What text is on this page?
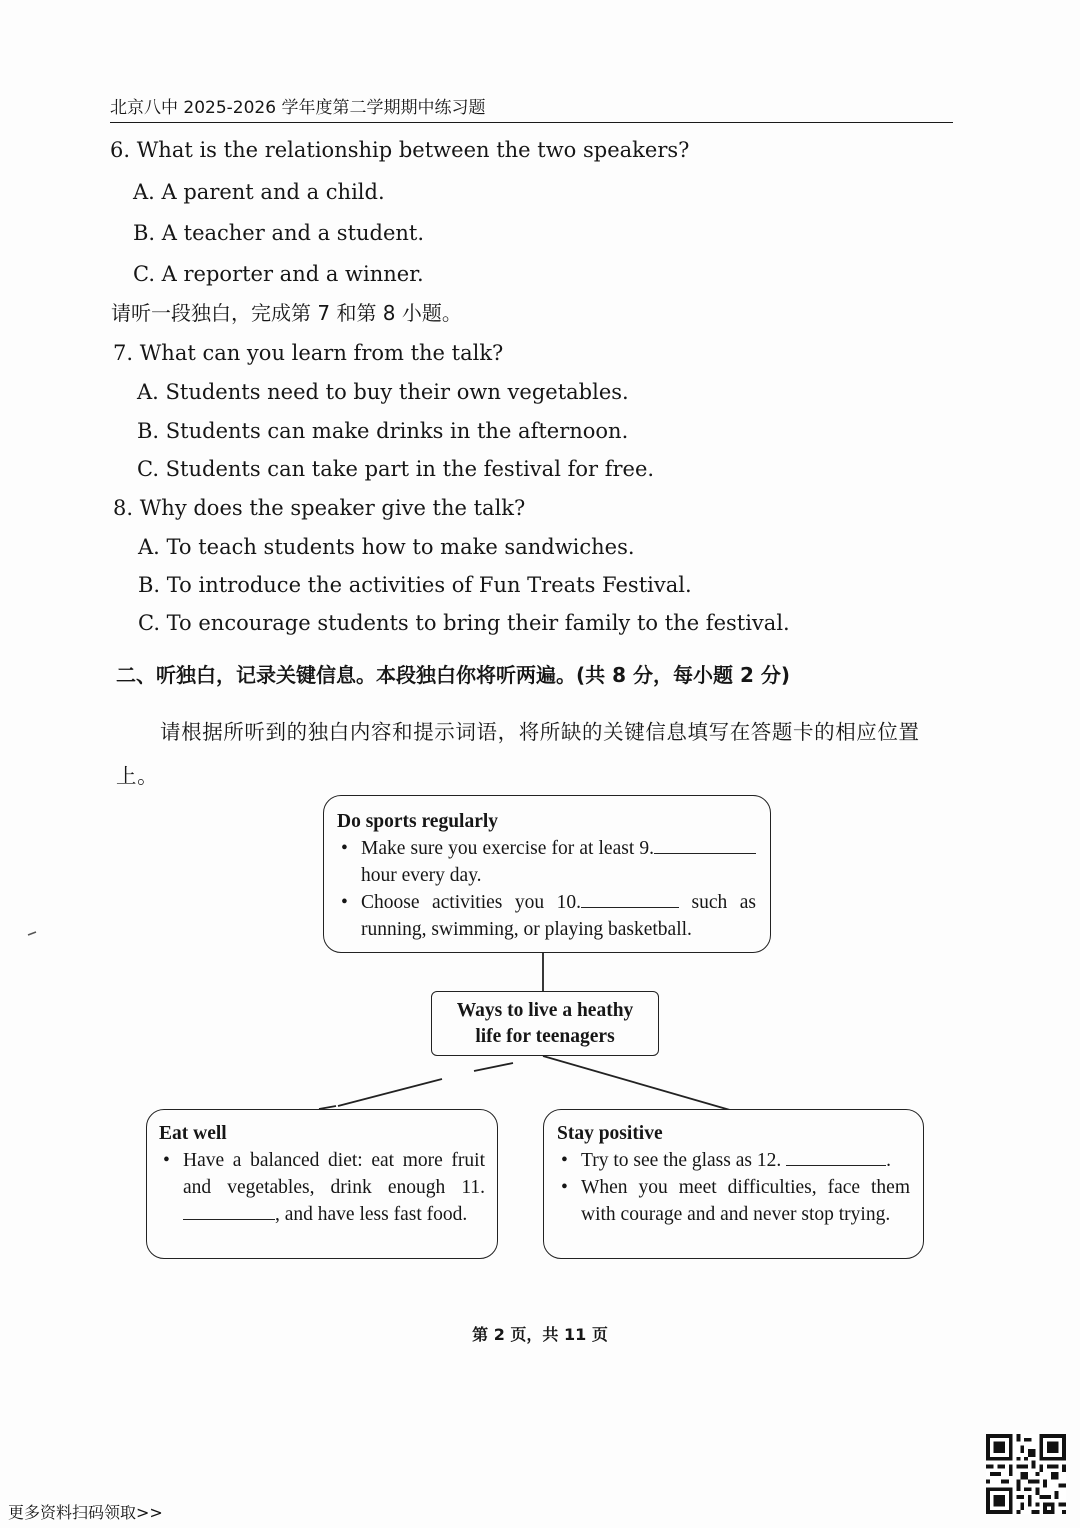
北京八中 2025-2026 学年度第二学期期中练习题
6. What is the relationship between the two speakers?
A. A parent and a child.
B. A teacher and a student.
C. A reporter and a winner.
请听一段独白，完成第 7 和第 8 小题。
7. What can you learn from the talk?
A. Students need to buy their own vegetables.
B. Students can make drinks in the afternoon.
C. Students can take part in the festival for free.
8. Why does the speaker give the talk?
A. To teach students how to make sandwiches.
B. To introduce the activities of Fun Treats Festival.
C. To encourage students to bring their family to the festival.
二、听独白，记录关键信息。本段独白你将听两遍。(共 8 分，每小题 2 分)
请根据所听到的独白内容和提示词语，将所缺的关键信息填写在答题卡的相应位置上。
Do sports regularly
• Make sure you exercise for at least 9.hour every day.
• Choose activities you 10.	such as running, swimming, or playing basketball.
Ways to live a heathy
life for teenagers
Eat well
• Have a balanced diet: eat more fruit and vegetables, drink enough 11., and have less fast food.
Stay positive
• Try to see the glass as 12.	.
• When you meet difficulties, face them with courage and and never stop trying.
第 2 页，共 11 页
更多资料扫码领取>>
